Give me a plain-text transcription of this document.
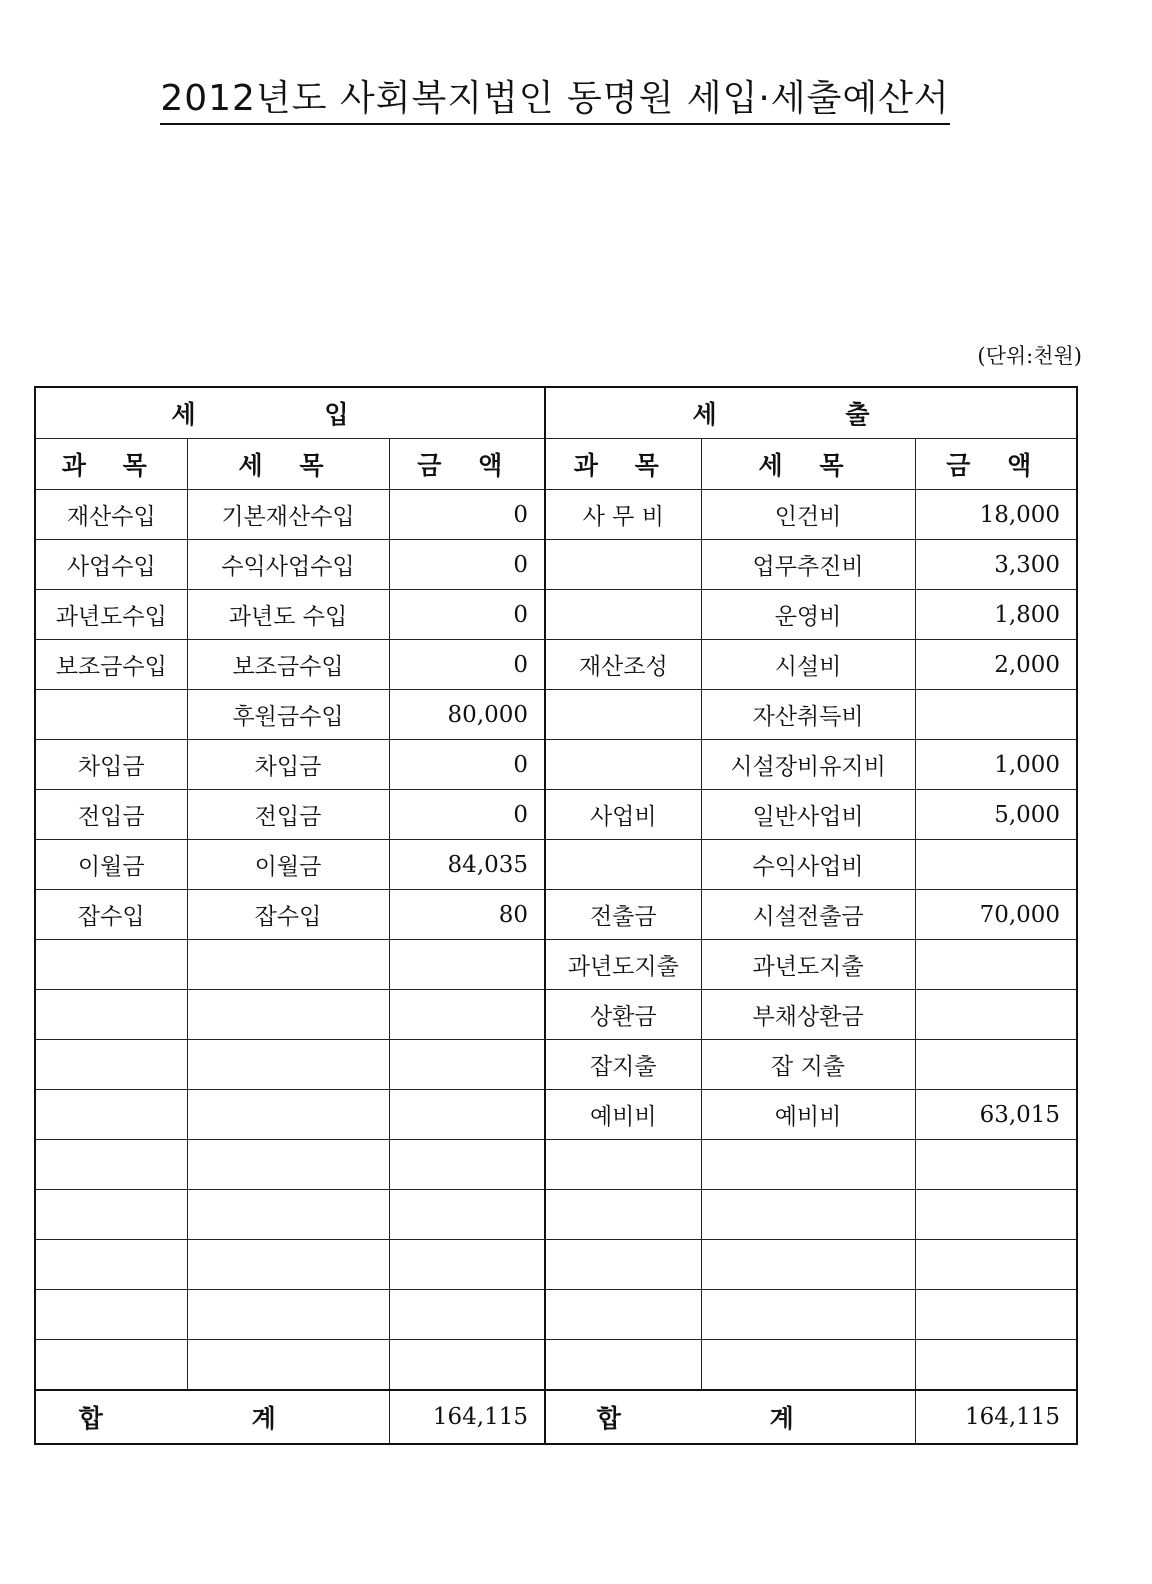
2012년도 사회복지법인 동명원 세입·세출예산서
(단위:천원)
세 입			세 출		
과 목	세 목	금 액	과 목	세 목	금 액
재산수입	기본재산수입	0	사 무 비	인건비	18,000
사업수입	수익사업수입	0		업무추진비	3,300
과년도수입	과년도 수입	0		운영비	1,800
보조금수입	보조금수입	0	재산조성	시설비	2,000
	후원금수입	80,000		자산취득비	
차입금	차입금	0		시설장비유지비	1,000
전입금	전입금	0	사업비	일반사업비	5,000
이월금	이월금	84,035		수익사업비	
잡수입	잡수입	80	전출금	시설전출금	70,000
			과년도지출	과년도지출	
			상환금	부채상환금	
			잡지출	잡 지출	
			예비비	예비비	63,015

합 계		164,115	합 계		164,115
